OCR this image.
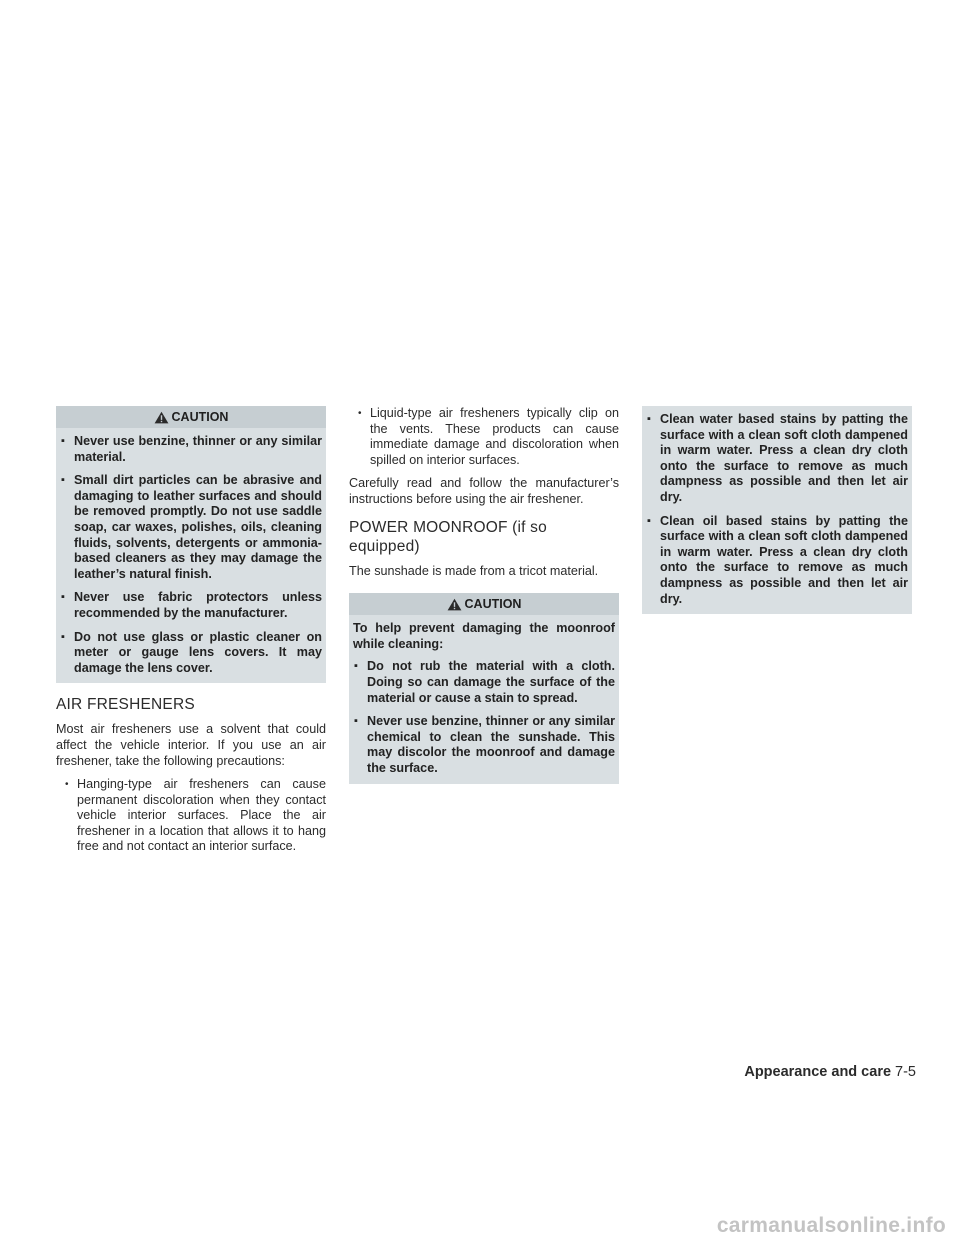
CAUTION
▪ Never use benzine, thinner or any similar material.
▪ Small dirt particles can be abrasive and damaging to leather surfaces and should be removed promptly. Do not use saddle soap, car waxes, polishes, oils, cleaning fluids, solvents, detergents or ammonia-based cleaners as they may damage the leather’s natural finish.
▪ Never use fabric protectors unless recommended by the manufacturer.
▪ Do not use glass or plastic cleaner on meter or gauge lens covers. It may damage the lens cover.
AIR FRESHENERS

Most air fresheners use a solvent that could affect the vehicle interior. If you use an air freshener, take the following precautions:

• Hanging-type air fresheners can cause permanent discoloration when they contact vehicle interior surfaces. Place the air freshener in a location that allows it to hang free and not contact an interior surface.
• Liquid-type air fresheners typically clip on the vents. These products can cause immediate damage and discoloration when spilled on interior surfaces.

Carefully read and follow the manufacturer’s instructions before using the air freshener.

POWER MOONROOF (if so equipped)

The sunshade is made from a tricot material.

CAUTION

To help prevent damaging the moonroof while cleaning:

▪ Do not rub the material with a cloth. Doing so can damage the surface of the material or cause a stain to spread.
▪ Never use benzine, thinner or any similar chemical to clean the sunshade. This may discolor the moonroof and damage the surface.
▪ Clean water based stains by patting the surface with a clean soft cloth dampened in warm water. Press a clean dry cloth onto the surface to remove as much dampness as possible and then let air dry.
▪ Clean oil based stains by patting the surface with a clean soft cloth dampened in warm water. Press a clean dry cloth onto the surface to remove as much dampness as possible and then let air dry.
Appearance and care 7-5
carmanualsonline.info
